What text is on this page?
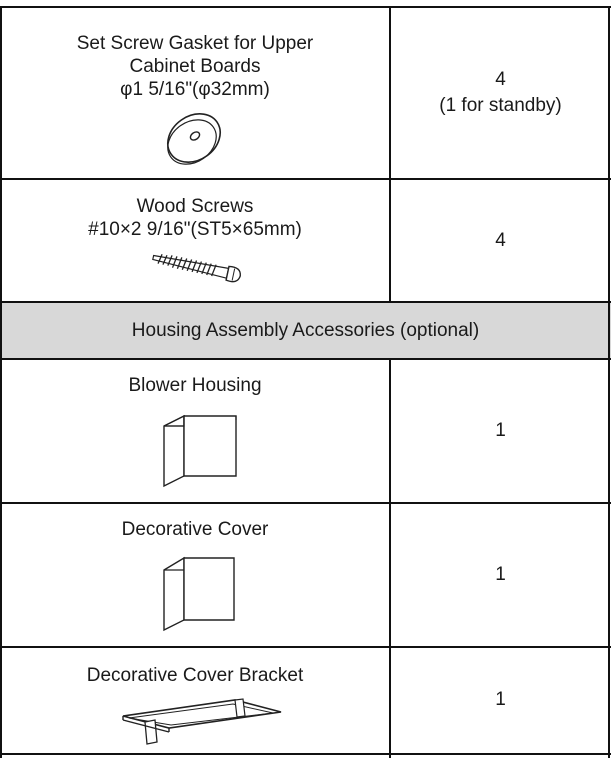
Set Screw Gasket for Upper
Cabinet Boards
φ1 5/16"(φ32mm)	4
(1 for standby)
Wood Screws
#10×2 9/16"(ST5×65mm)
4
Housing Assembly Accessories (optional)
Blower Housing
1
Decorative Cover
1
Decorative Cover Bracket
1
